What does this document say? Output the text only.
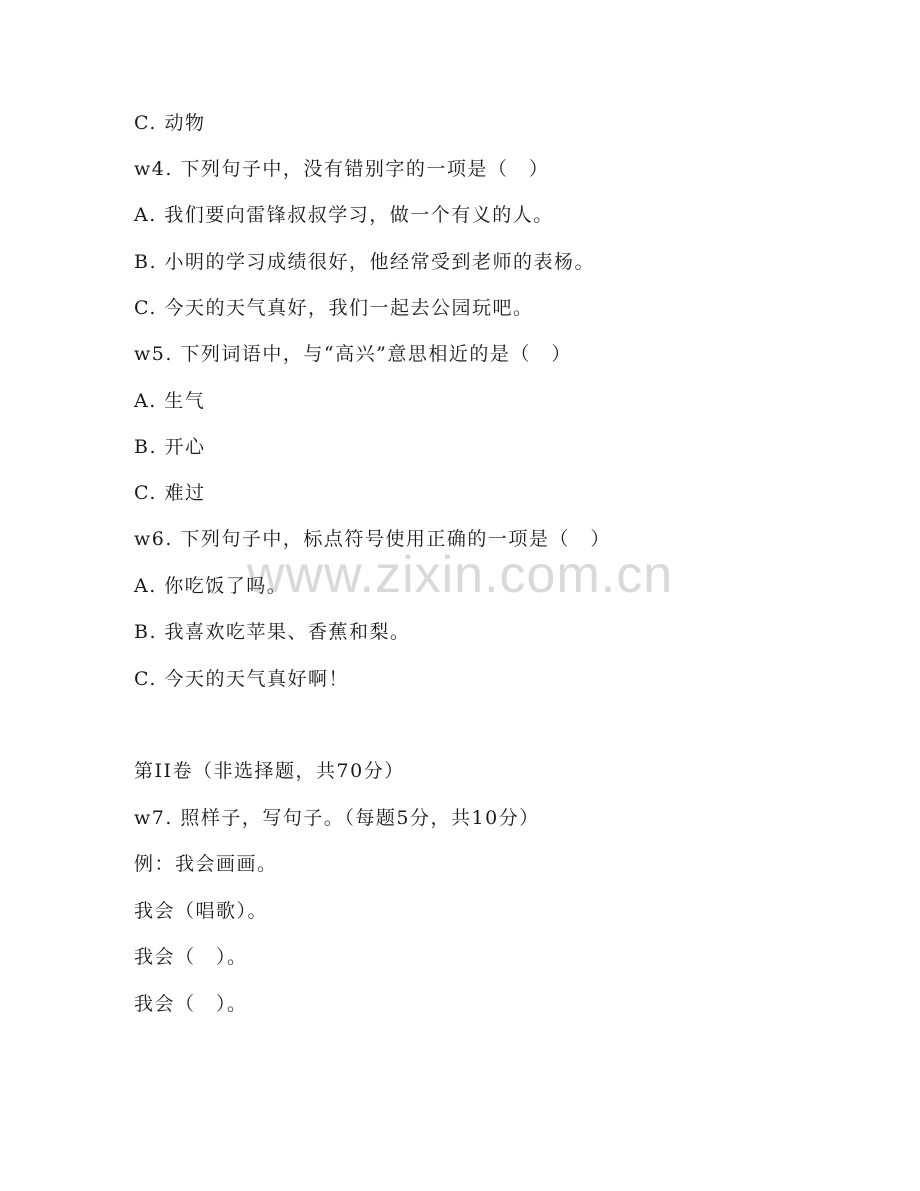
www.zixin.com.cn
C. 动物
w4. 下列句子中，没有错别字的一项是（　）
A. 我们要向雷锋叔叔学习，做一个有义的人。
B. 小明的学习成绩很好，他经常受到老师的表杨。
C. 今天的天气真好，我们一起去公园玩吧。
w5. 下列词语中，与“高兴”意思相近的是（　）
A. 生气
B. 开心
C. 难过
w6. 下列句子中，标点符号使用正确的一项是（　）
A. 你吃饭了吗。
B. 我喜欢吃苹果、香蕉和梨。
C. 今天的天气真好啊！
第II卷（非选择题，共70分）
w7. 照样子，写句子。（每题5分，共10分）
例：我会画画。
我会（唱歌）。
我会（　）。
我会（　）。
